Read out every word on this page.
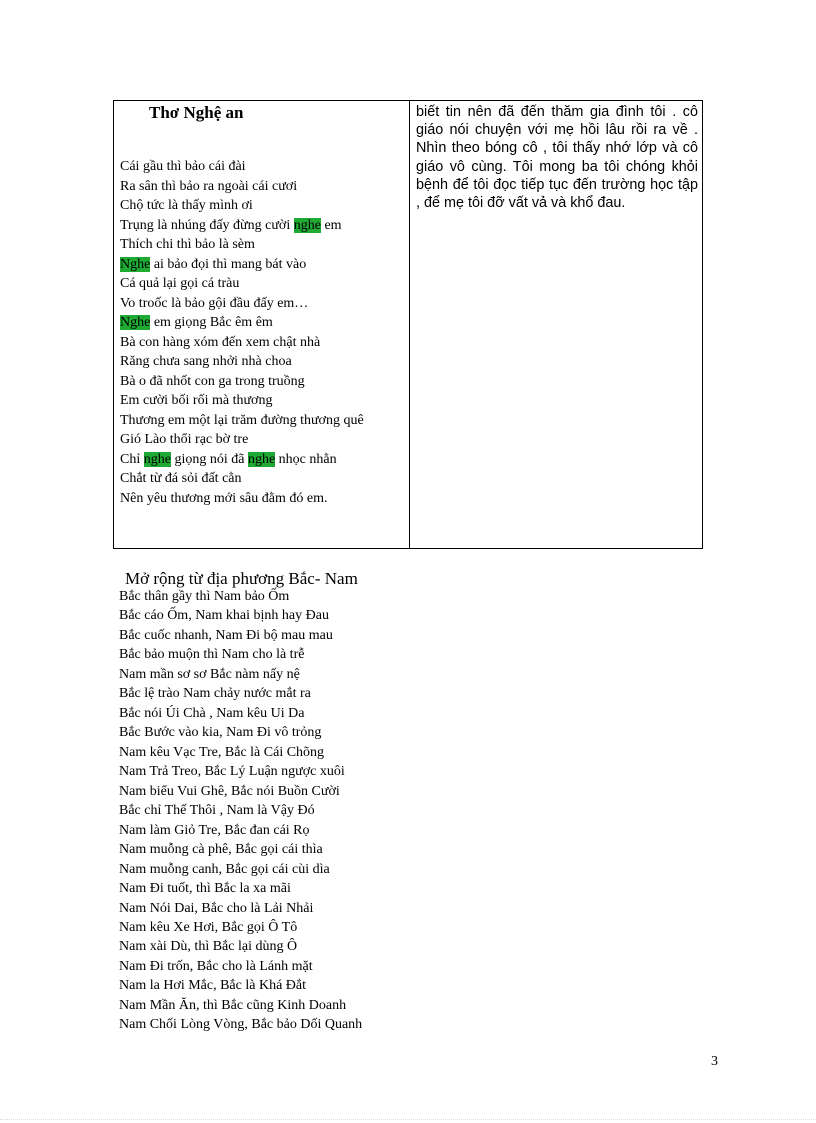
Thơ Nghệ an
Cái gầu thì bảo cái đài
Ra sân thì bảo ra ngoài cái cươi
Chộ tức là thấy mình ơi
Trụng là nhúng đấy đừng cười nghe em
Thích chi thì bảo là sèm
Nghe ai bảo đọi thì mang bát vào
Cá quả lại gọi cá tràu
Vo troốc là bảo gội đầu đấy em…
Nghe em giọng Bắc êm êm
Bà con hàng xóm đến xem chật nhà
Răng chưa sang nhởi nhà choa
Bà o đã nhốt con ga trong truồng
Em cười bối rối mà thương
Thương em một lại trăm đường thương quê
Gió Lào thổi rạc bờ tre
Chỉ nghe giọng nói đã nghe nhọc nhằn
Chắt từ đá sỏi đất cằn
Nên yêu thương mới sâu đằm đó em.
biết tin nên đã đến thăm gia đình tôi . cô giáo nói chuyện với mẹ hồi lâu rồi ra về . Nhìn theo bóng cô , tôi thấy nhớ lớp và cô giáo vô cùng. Tôi mong ba tôi chóng khỏi bệnh để tôi đọc tiếp tục đến trường học tập , để mẹ tôi đỡ vất vả và khổ đau.
Mở rộng từ địa phương Bắc- Nam
Bắc thân gầy thì Nam bảo Ốm
Bắc cáo Ốm, Nam khai bịnh hay Đau
Bắc cuốc nhanh, Nam Đi bộ mau mau
Bắc bảo muộn thì Nam cho là trễ
Nam mần sơ sơ Bắc nàm nấy nệ
Bắc lệ trào Nam chảy nước mắt ra
Bắc nói Úi Chà , Nam kêu Ui Da
Bắc Bước vào kia, Nam Đi vô trỏng
Nam kêu Vạc Tre, Bắc là Cái Chõng
Nam Trả Treo, Bắc Lý Luận ngược xuôi
Nam biểu Vui Ghê, Bắc nói Buồn Cười
Bắc chỉ Thế Thôi , Nam là Vậy Đó
Nam làm Giỏ Tre, Bắc đan cái Rọ
Nam muỗng cà phê, Bắc gọi cái thìa
Nam muỗng canh, Bắc gọi cái cùi dìa
Nam Đi tuốt, thì Bắc la xa mãi
Nam Nói Dai, Bắc cho là Lải Nhải
Nam kêu Xe Hơi, Bắc gọi Ô Tô
Nam xài Dù, thì Bắc lại dùng Ô
Nam Đi trốn, Bắc cho là Lánh mặt
Nam la Hơi Mắc, Bắc là Khá Đắt
Nam Mần Ăn, thì Bắc cũng Kinh Doanh
Nam Chối Lòng Vòng, Bắc bảo Dối Quanh
3
